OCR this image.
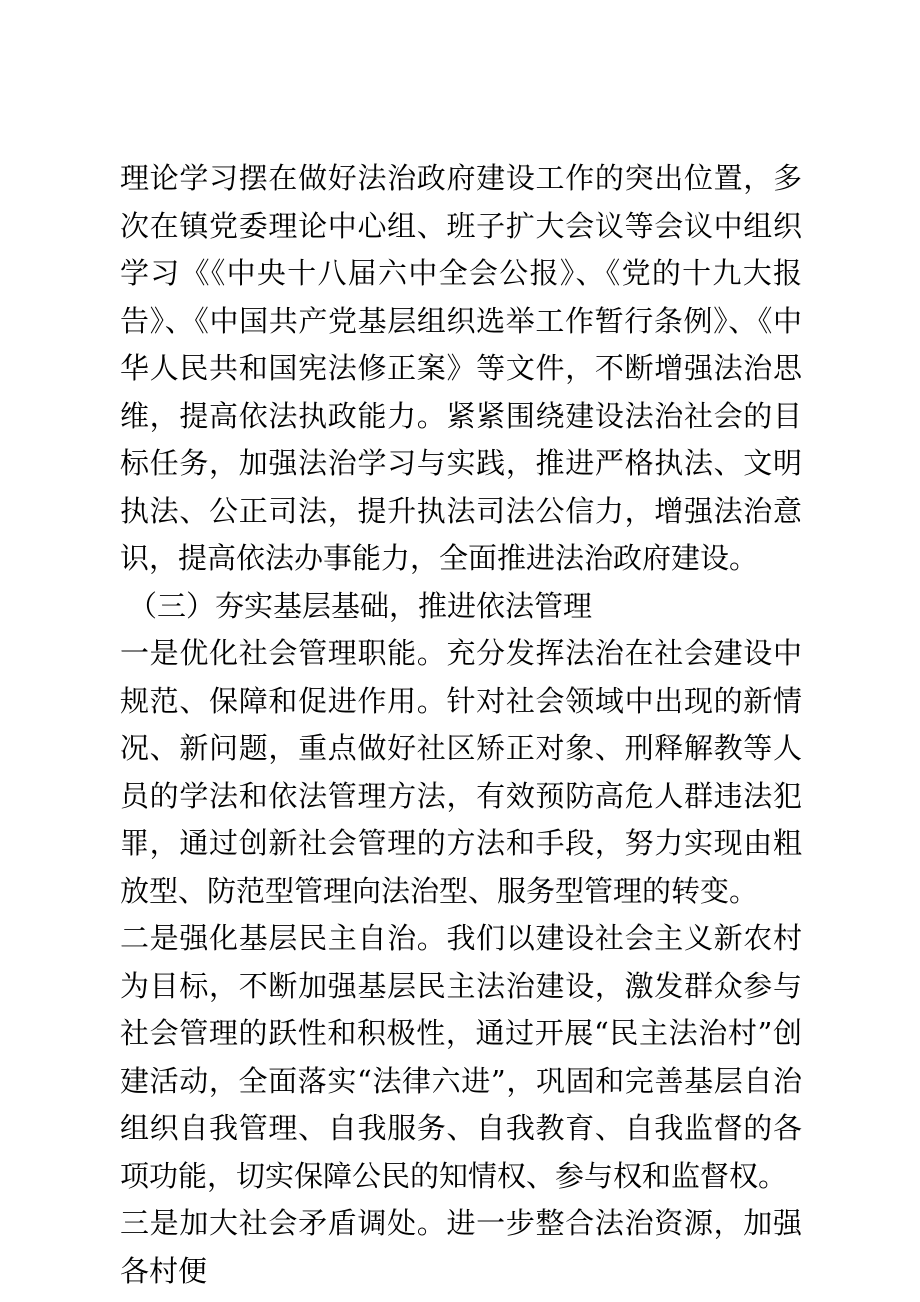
理论学习摆在做好法治政府建设工作的突出位置，多次在镇党委理论中心组、班子扩大会议等会议中组织学习《《中央十八届六中全会公报》、《党的十九大报告》、《中国共产党基层组织选举工作暂行条例》、《中华人民共和国宪法修正案》等文件，不断增强法治思维，提高依法执政能力。紧紧围绕建设法治社会的目标任务，加强法治学习与实践，推进严格执法、文明执法、公正司法，提升执法司法公信力，增强法治意识，提高依法办事能力，全面推进法治政府建设。

（三）夯实基层基础，推进依法管理

一是优化社会管理职能。充分发挥法治在社会建设中规范、保障和促进作用。针对社会领域中出现的新情况、新问题，重点做好社区矫正对象、刑释解教等人员的学法和依法管理方法，有效预防高危人群违法犯罪，通过创新社会管理的方法和手段，努力实现由粗放型、防范型管理向法治型、服务型管理的转变。

二是强化基层民主自治。我们以建设社会主义新农村为目标，不断加强基层民主法治建设，激发群众参与社会管理的跃性和积极性，通过开展“民主法治村”创建活动，全面落实“法律六进”，巩固和完善基层自治组织自我管理、自我服务、自我教育、自我监督的各项功能，切实保障公民的知情权、参与权和监督权。

三是加大社会矛盾调处。进一步整合法治资源，加强各村便
